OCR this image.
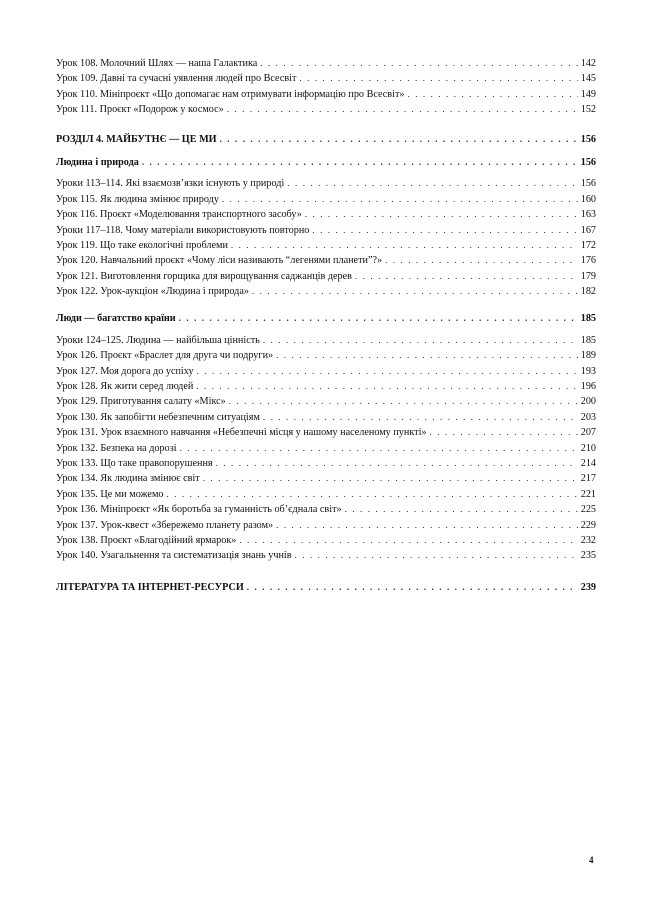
Урок 108. Молочний Шлях — наша Галактика . . .	142
Урок 109. Давні та сучасні уявлення людей про Всесвіт . . .	145
Урок 110. Мініпроєкт «Що допомагає нам отримувати інформацію про Всесвіт» . . .	149
Урок 111. Проєкт «Подорож у космос» . . .	152
РОЗДІЛ 4. МАЙБУТНЄ — ЦЕ МИ . . .	156
Людина і природа . . .	156
Уроки 113–114. Які взаємозв’язки існують у природі . . .	156
Урок 115. Як людина змінює природу . . .	160
Урок 116. Проєкт «Моделювання транспортного засобу» . . .	163
Уроки 117–118. Чому матеріали використовують повторно . . .	167
Урок 119. Що таке екологічні проблеми . . .	172
Урок 120. Навчальний проєкт «Чому ліси називають “легенями планети”?» . . .	176
Урок 121. Виготовлення горщика для вирощування саджанців дерев . . .	179
Урок 122. Урок-аукціон «Людина і природа» . . .	182
Люди — багатство країни . . .	185
Уроки 124–125. Людина — найбільша цінність . . .	185
Урок 126. Проєкт «Браслет для друга чи подруги» . . .	189
Урок 127. Моя дорога до успіху . . .	193
Урок 128. Як жити серед людей . . .	196
Урок 129. Приготування салату «Мікс» . . .	200
Урок 130. Як запобігти небезпечним ситуаціям . . .	203
Урок 131. Урок взаємного навчання «Небезпечні місця у нашому населеному пункті» . . .	207
Урок 132. Безпека на дорозі . . .	210
Урок 133. Що таке правопорушення . . .	214
Урок 134. Як людина змінює світ . . .	217
Урок 135. Це ми можемо . . .	221
Урок 136. Мініпроєкт «Як боротьба за гуманність об’єднала світ» . . .	225
Урок 137. Урок-квест «Збережемо планету разом» . . .	229
Урок 138. Проєкт «Благодійний ярмарок» . . .	232
Урок 140. Узагальнення та систематизація знань учнів . . .	235
ЛІТЕРАТУРА ТА ІНТЕРНЕТ-РЕСУРСИ . . .	239
4
